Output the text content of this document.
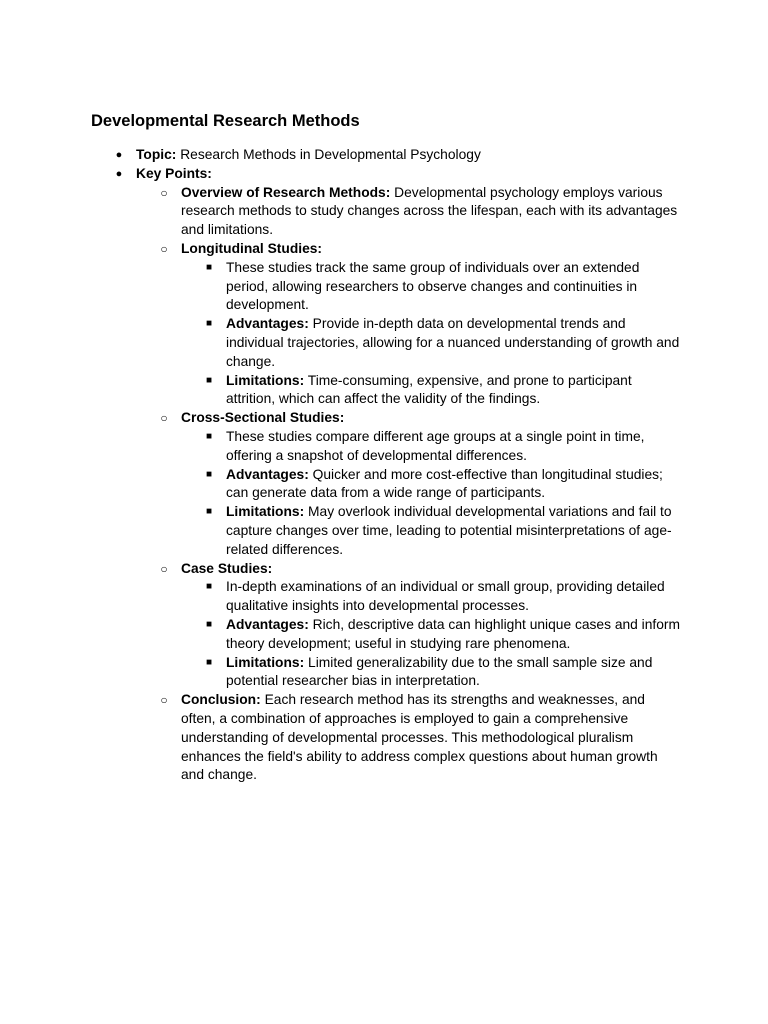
Developmental Research Methods
● Topic: Research Methods in Developmental Psychology
● Key Points:
○ Overview of Research Methods: Developmental psychology employs various research methods to study changes across the lifespan, each with its advantages and limitations.
○ Longitudinal Studies:
■ These studies track the same group of individuals over an extended period, allowing researchers to observe changes and continuities in development.
■ Advantages: Provide in-depth data on developmental trends and individual trajectories, allowing for a nuanced understanding of growth and change.
■ Limitations: Time-consuming, expensive, and prone to participant attrition, which can affect the validity of the findings.
○ Cross-Sectional Studies:
■ These studies compare different age groups at a single point in time, offering a snapshot of developmental differences.
■ Advantages: Quicker and more cost-effective than longitudinal studies; can generate data from a wide range of participants.
■ Limitations: May overlook individual developmental variations and fail to capture changes over time, leading to potential misinterpretations of age-related differences.
○ Case Studies:
■ In-depth examinations of an individual or small group, providing detailed qualitative insights into developmental processes.
■ Advantages: Rich, descriptive data can highlight unique cases and inform theory development; useful in studying rare phenomena.
■ Limitations: Limited generalizability due to the small sample size and potential researcher bias in interpretation.
○ Conclusion: Each research method has its strengths and weaknesses, and often, a combination of approaches is employed to gain a comprehensive understanding of developmental processes. This methodological pluralism enhances the field's ability to address complex questions about human growth and change.
